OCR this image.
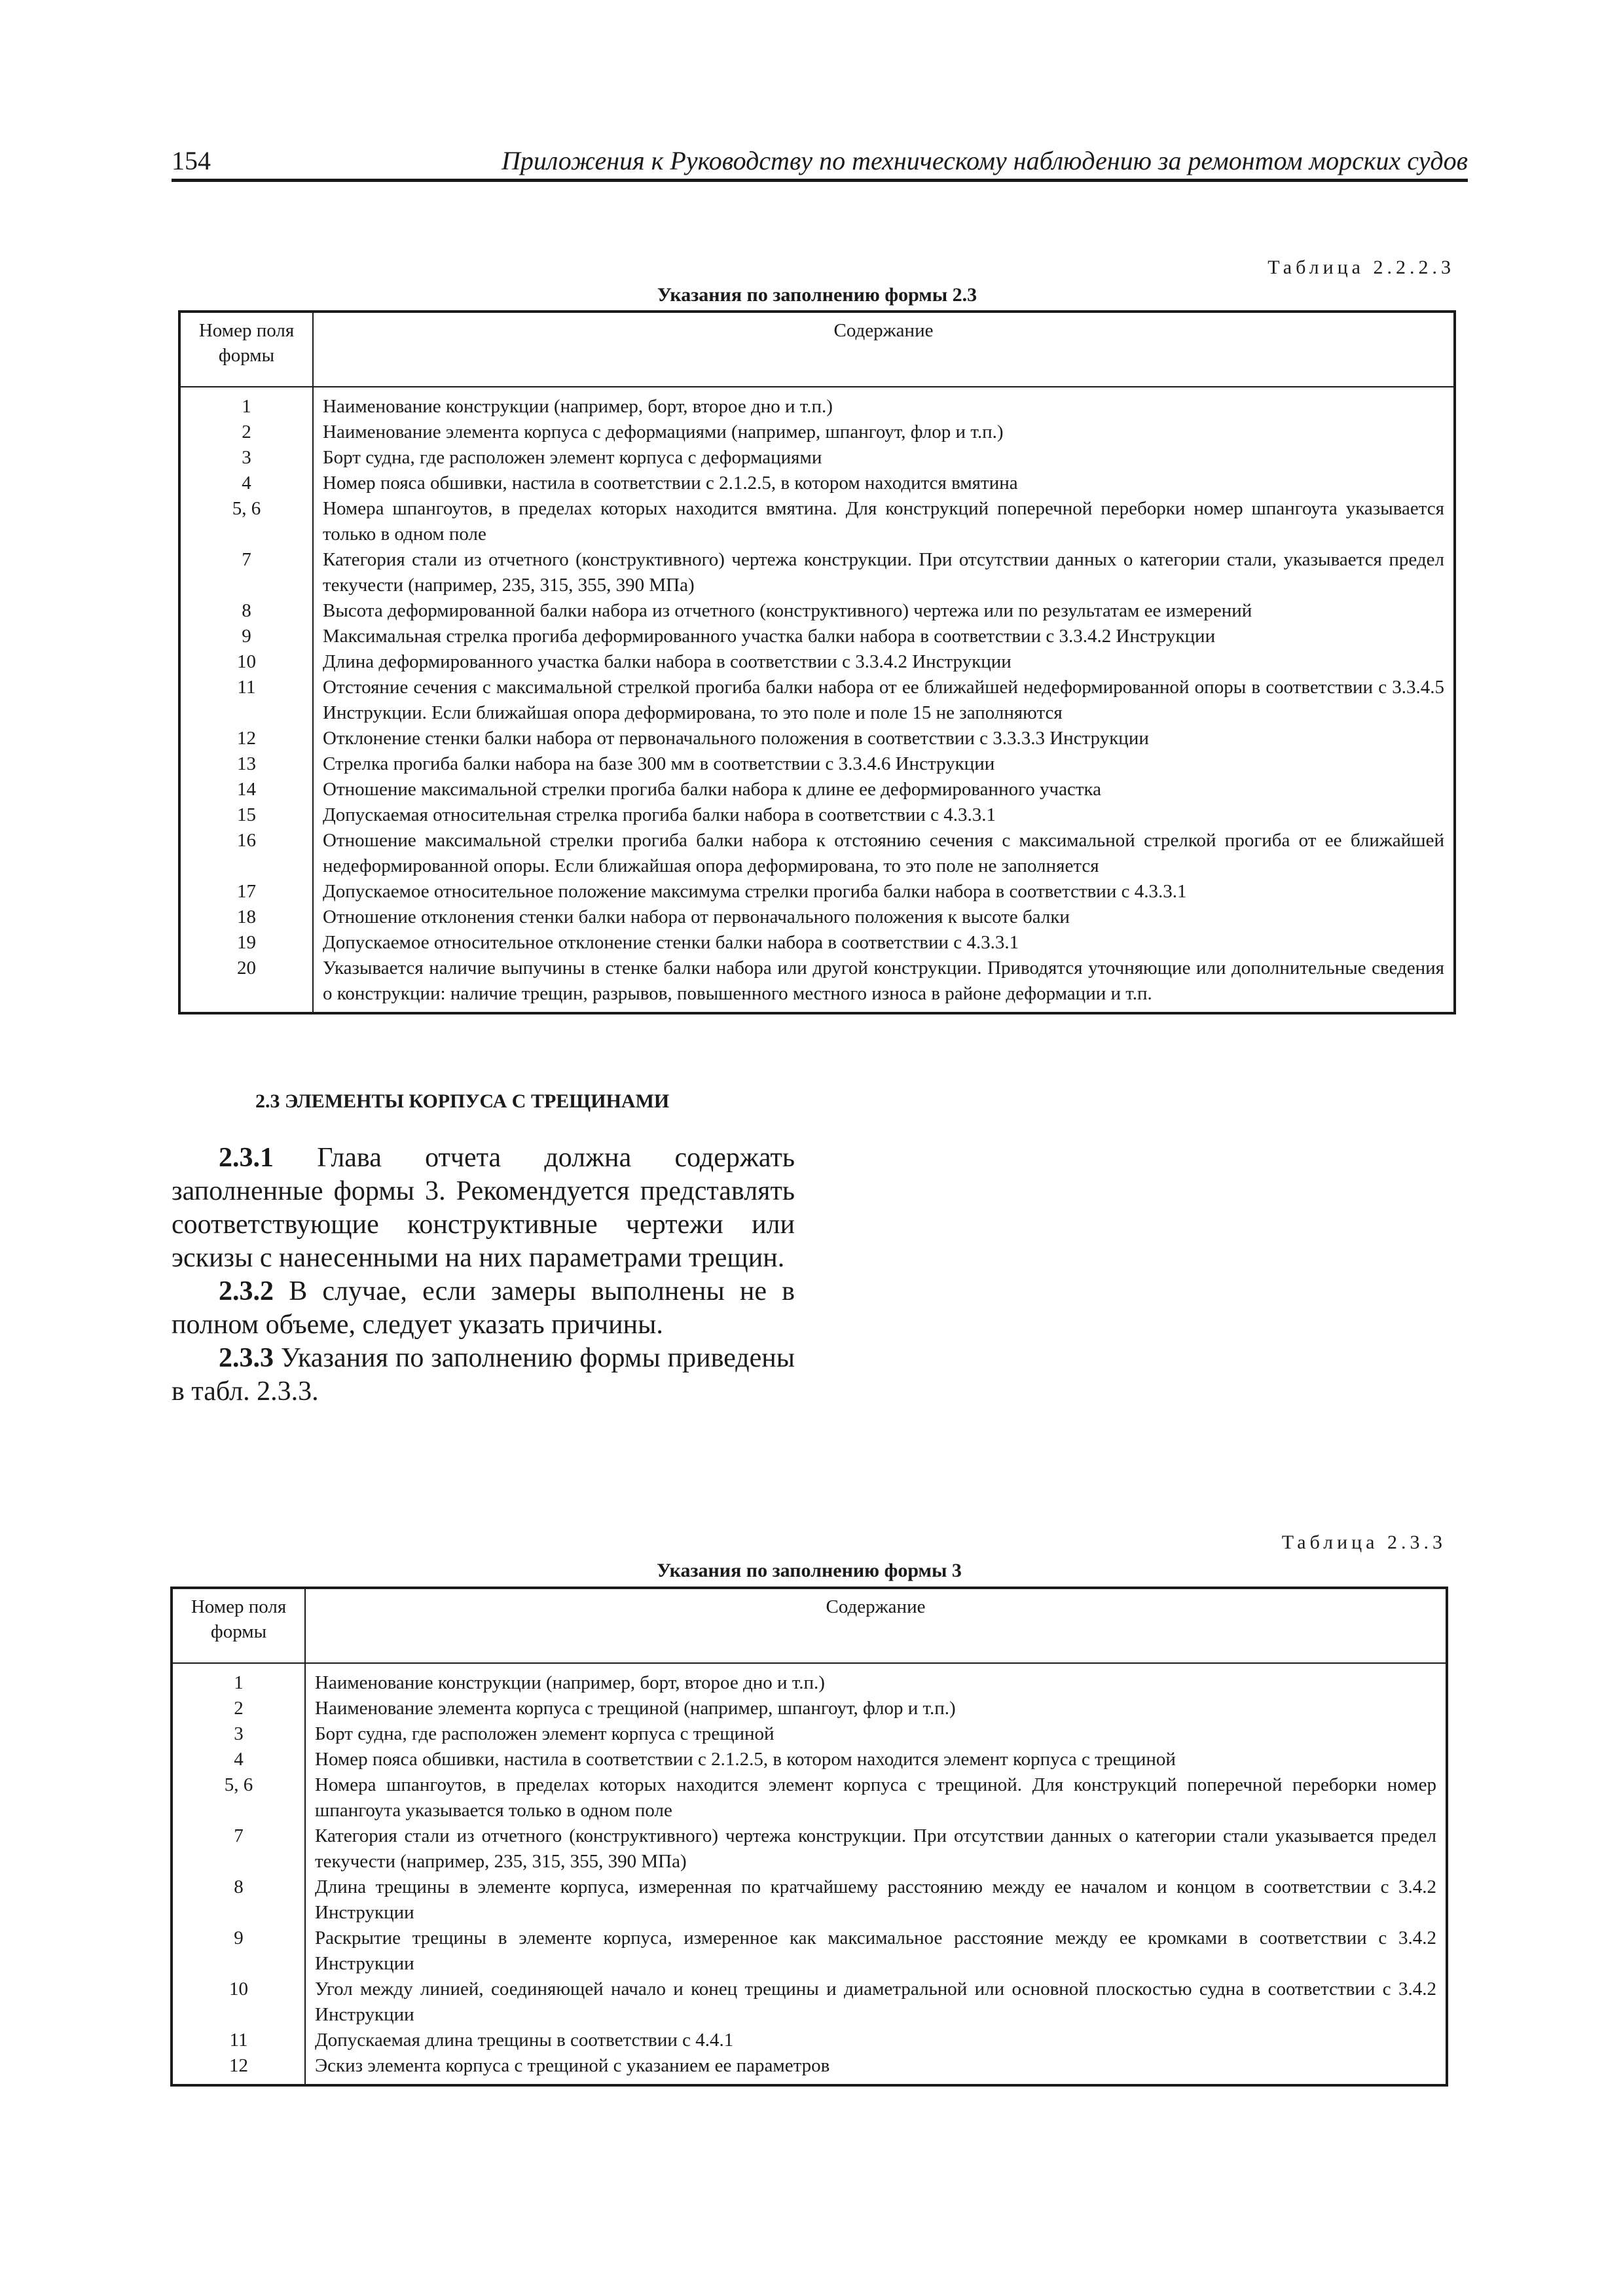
154	Приложения к Руководству по техническому наблюдению за ремонтом морских судов
Таблица 2.2.2.3
Указания по заполнению формы 2.3
Номер поля формы	Содержание
1	Наименование конструкции (например, борт, второе дно и т.п.)
2	Наименование элемента корпуса с деформациями (например, шпангоут, флор и т.п.)
3	Борт судна, где расположен элемент корпуса с деформациями
4	Номер пояса обшивки, настила в соответствии с 2.1.2.5, в котором находится вмятина
5, 6	Номера шпангоутов, в пределах которых находится вмятина. Для конструкций поперечной переборки номер шпангоута указывается только в одном поле
7	Категория стали из отчетного (конструктивного) чертежа конструкции. При отсутствии данных о категории стали, указывается предел текучести (например, 235, 315, 355, 390 МПа)
8	Высота деформированной балки набора из отчетного (конструктивного) чертежа или по результатам ее измерений
9	Максимальная стрелка прогиба деформированного участка балки набора в соответствии с 3.3.4.2 Инструкции
10	Длина деформированного участка балки набора в соответствии с 3.3.4.2 Инструкции
11	Отстояние сечения с максимальной стрелкой прогиба балки набора от ее ближайшей недеформированной опоры в соответствии с 3.3.4.5 Инструкции. Если ближайшая опора деформирована, то это поле и поле 15 не заполняются
12	Отклонение стенки балки набора от первоначального положения в соответствии с 3.3.3.3 Инструкции
13	Стрелка прогиба балки набора на базе 300 мм в соответствии с 3.3.4.6 Инструкции
14	Отношение максимальной стрелки прогиба балки набора к длине ее деформированного участка
15	Допускаемая относительная стрелка прогиба балки набора в соответствии с 4.3.3.1
16	Отношение максимальной стрелки прогиба балки набора к отстоянию сечения с максимальной стрелкой прогиба от ее ближайшей недеформированной опоры. Если ближайшая опора деформирована, то это поле не заполняется
17	Допускаемое относительное положение максимума стрелки прогиба балки набора в соответствии с 4.3.3.1
18	Отношение отклонения стенки балки набора от первоначального положения к высоте балки
19	Допускаемое относительное отклонение стенки балки набора в соответствии с 4.3.3.1
20	Указывается наличие выпучины в стенке балки набора или другой конструкции. Приводятся уточняющие или дополнительные сведения о конструкции: наличие трещин, разрывов, повышенного местного износа в районе деформации и т.п.
2.3 ЭЛЕМЕНТЫ КОРПУСА С ТРЕЩИНАМИ
2.3.1 Глава отчета должна содержать заполненные формы 3. Рекомендуется представлять соответствующие конструктивные чертежи или эскизы с нанесенными на них параметрами трещин.
2.3.2 В случае, если замеры выполнены не в полном объеме, следует указать причины.
2.3.3 Указания по заполнению формы приведены в табл. 2.3.3.
Таблица 2.3.3
Указания по заполнению формы 3
Номер поля формы	Содержание
1	Наименование конструкции (например, борт, второе дно и т.п.)
2	Наименование элемента корпуса с трещиной (например, шпангоут, флор и т.п.)
3	Борт судна, где расположен элемент корпуса с трещиной
4	Номер пояса обшивки, настила в соответствии с 2.1.2.5, в котором находится элемент корпуса с трещиной
5, 6	Номера шпангоутов, в пределах которых находится элемент корпуса с трещиной. Для конструкций поперечной переборки номер шпангоута указывается только в одном поле
7	Категория стали из отчетного (конструктивного) чертежа конструкции. При отсутствии данных о категории стали указывается предел текучести (например, 235, 315, 355, 390 МПа)
8	Длина трещины в элементе корпуса, измеренная по кратчайшему расстоянию между ее началом и концом в соответствии с 3.4.2 Инструкции
9	Раскрытие трещины в элементе корпуса, измеренное как максимальное расстояние между ее кромками в соответствии с 3.4.2 Инструкции
10	Угол между линией, соединяющей начало и конец трещины и диаметральной или основной плоскостью судна в соответствии с 3.4.2 Инструкции
11	Допускаемая длина трещины в соответствии с 4.4.1
12	Эскиз элемента корпуса с трещиной с указанием ее параметров
